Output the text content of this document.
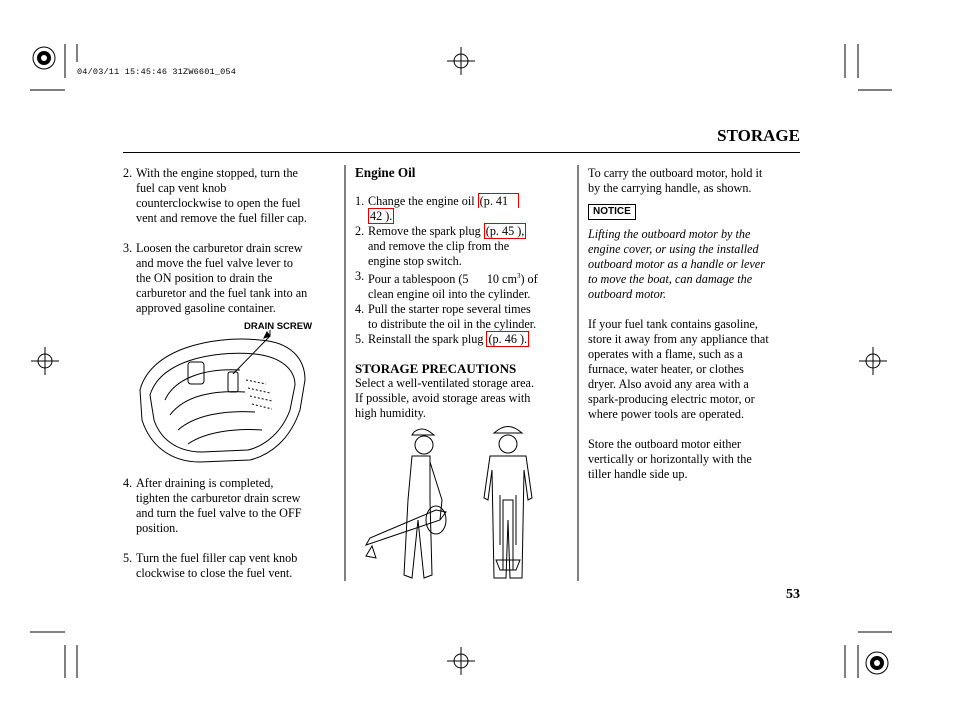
04/03/11 15:45:46 31ZW6601_054
STORAGE
2. With the engine stopped, turn the

fuel cap vent knob

counterclockwise to open the fuel

vent and remove the fuel filler cap.

3. Loosen the carburetor drain screw

and move the fuel valve lever to

the ON position to drain the

carburetor and the fuel tank into an

approved gasoline container.

DRAIN SCREW
4. After draining is completed,

tighten the carburetor drain screw

and turn the fuel valve to the OFF

position.

5. Turn the fuel filler cap vent knob

clockwise to close the fuel vent.

Engine Oil

1. Change the engine oil (p. 41

42 ).

2. Remove the spark plug (p. 45 ),

and remove the clip from the

engine stop switch.

3. Pour a tablespoon (5 10 $cm^3$) of

clean engine oil into the cylinder.

4. Pull the starter rope several times

to distribute the oil in the cylinder.

5. Reinstall the spark plug (p. 46 ).

STORAGE PRECAUTIONS

Select a well-ventilated storage area.

If possible, avoid storage areas with

high humidity.

To carry the outboard motor, hold it

by the carrying handle, as shown.

NOTICE

Lifting the outboard motor by the

engine cover, or using the installed

outboard motor as a handle or lever

to move the boat, can damage the

outboard motor.

If your fuel tank contains gasoline,

store it away from any appliance that

operates with a flame, such as a

furnace, water heater, or clothes

dryer. Also avoid any area with a

spark-producing electric motor, or

where power tools are operated.

Store the outboard motor either

vertically or horizontally with the

tiller handle side up.

53
